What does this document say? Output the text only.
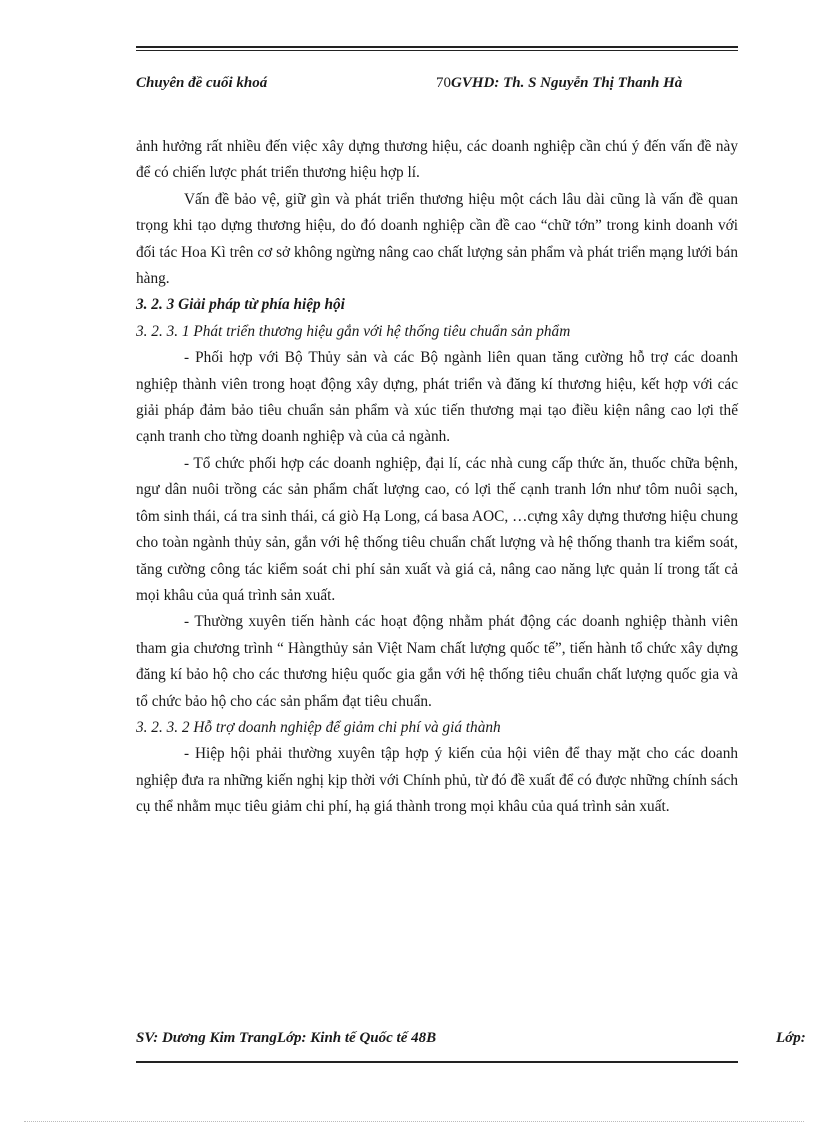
Chuyên đề cuối khoá	70GVHD: Th. S Nguyễn Thị Thanh Hà

ảnh hưởng rất nhiều đến việc xây dựng thương hiệu, các doanh nghiệp cần chú ý đến vấn đề này để có chiến lược phát triển thương hiệu hợp lí.

Vấn đề bảo vệ, giữ gìn và phát triển thương hiệu một cách lâu dài cũng là vấn đề quan trọng khi tạo dựng thương hiệu, do đó doanh nghiệp cần đề cao “chữ tớn” trong kinh doanh với đối tác Hoa Kì trên cơ sở không ngừng nâng cao chất lượng sản phẩm và phát triển mạng lưới bán hàng.

3. 2. 3 Giải pháp từ phía hiệp hội

3. 2. 3. 1 Phát triển thương hiệu gắn với hệ thống tiêu chuẩn sản phẩm

- Phối hợp với Bộ Thủy sản và các Bộ ngành liên quan tăng cường hỗ trợ các doanh nghiệp thành viên trong hoạt động xây dựng, phát triển và đăng kí thương hiệu, kết hợp với các giải pháp đảm bảo tiêu chuẩn sản phẩm và xúc tiến thương mại tạo điều kiện nâng cao lợi thế cạnh tranh cho từng doanh nghiệp và của cả ngành.

- Tổ chức phối hợp các doanh nghiệp, đại lí, các nhà cung cấp thức ăn, thuốc chữa bệnh, ngư dân nuôi trồng các sản phẩm chất lượng cao, có lợi thế cạnh tranh lớn như tôm nuôi sạch, tôm sinh thái, cá tra sinh thái, cá giò Hạ Long, cá basa AOC, …cựng xây dựng thương hiệu chung cho toàn ngành thủy sản, gắn với hệ thống tiêu chuẩn chất lượng và hệ thống thanh tra kiểm soát, tăng cường công tác kiểm soát chi phí sản xuất và giá cả, nâng cao năng lực quản lí trong tất cả mọi khâu của quá trình sản xuất.

- Thường xuyên tiến hành các hoạt động nhằm phát động các doanh nghiệp thành viên tham gia chương trình “ Hàngthủy sản Việt Nam chất lượng quốc tế”, tiến hành tổ chức xây dựng đăng kí bảo hộ cho các thương hiệu quốc gia gắn với hệ thống tiêu chuẩn chất lượng quốc gia và tổ chức bảo hộ cho các sản phẩm đạt tiêu chuẩn.

3. 2. 3. 2 Hỗ trợ doanh nghiệp để giảm chi phí và giá thành

- Hiệp hội phải thường xuyên tập hợp ý kiến của hội viên để thay mặt cho các doanh nghiệp đưa ra những kiến nghị kịp thời với Chính phủ, từ đó đề xuất để có được những chính sách cụ thể nhằm mục tiêu giảm chi phí, hạ giá thành trong mọi khâu của quá trình sản xuất.

SV: Dương Kim TrangLớp: Kinh tế Quốc tế 48B	Lớp:
